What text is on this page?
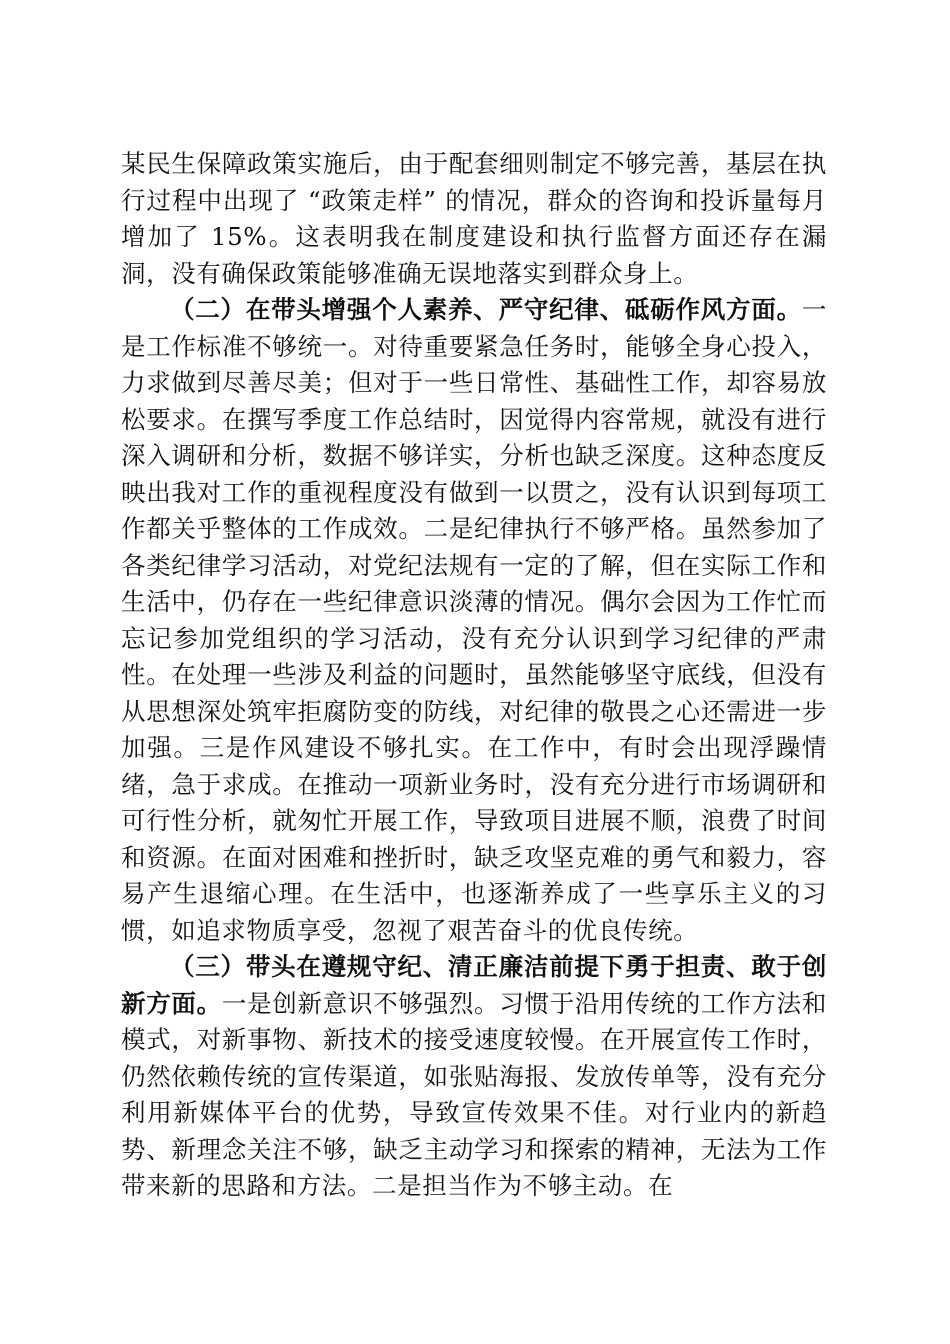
某民生保障政策实施后，由于配套细则制定不够完善，基层在执行过程中出现了 “政策走样” 的情况，群众的咨询和投诉量每月增加了 15%。这表明我在制度建设和执行监督方面还存在漏洞，没有确保政策能够准确无误地落实到群众身上。

（二）在带头增强个人素养、严守纪律、砥砺作风方面。一是工作标准不够统一。对待重要紧急任务时，能够全身心投入，力求做到尽善尽美；但对于一些日常性、基础性工作，却容易放松要求。在撰写季度工作总结时，因觉得内容常规，就没有进行深入调研和分析，数据不够详实，分析也缺乏深度。这种态度反映出我对工作的重视程度没有做到一以贯之，没有认识到每项工作都关乎整体的工作成效。二是纪律执行不够严格。虽然参加了各类纪律学习活动，对党纪法规有一定的了解，但在实际工作和生活中，仍存在一些纪律意识淡薄的情况。偶尔会因为工作忙而忘记参加党组织的学习活动，没有充分认识到学习纪律的严肃性。在处理一些涉及利益的问题时，虽然能够坚守底线，但没有从思想深处筑牢拒腐防变的防线，对纪律的敬畏之心还需进一步加强。三是作风建设不够扎实。在工作中，有时会出现浮躁情绪，急于求成。在推动一项新业务时，没有充分进行市场调研和可行性分析，就匆忙开展工作，导致项目进展不顺，浪费了时间和资源。在面对困难和挫折时，缺乏攻坚克难的勇气和毅力，容易产生退缩心理。在生活中，也逐渐养成了一些享乐主义的习惯，如追求物质享受，忽视了艰苦奋斗的优良传统。

（三）带头在遵规守纪、清正廉洁前提下勇于担责、敢于创新方面。一是创新意识不够强烈。习惯于沿用传统的工作方法和模式，对新事物、新技术的接受速度较慢。在开展宣传工作时，仍然依赖传统的宣传渠道，如张贴海报、发放传单等，没有充分利用新媒体平台的优势，导致宣传效果不佳。对行业内的新趋势、新理念关注不够，缺乏主动学习和探索的精神，无法为工作带来新的思路和方法。二是担当作为不够主动。在
